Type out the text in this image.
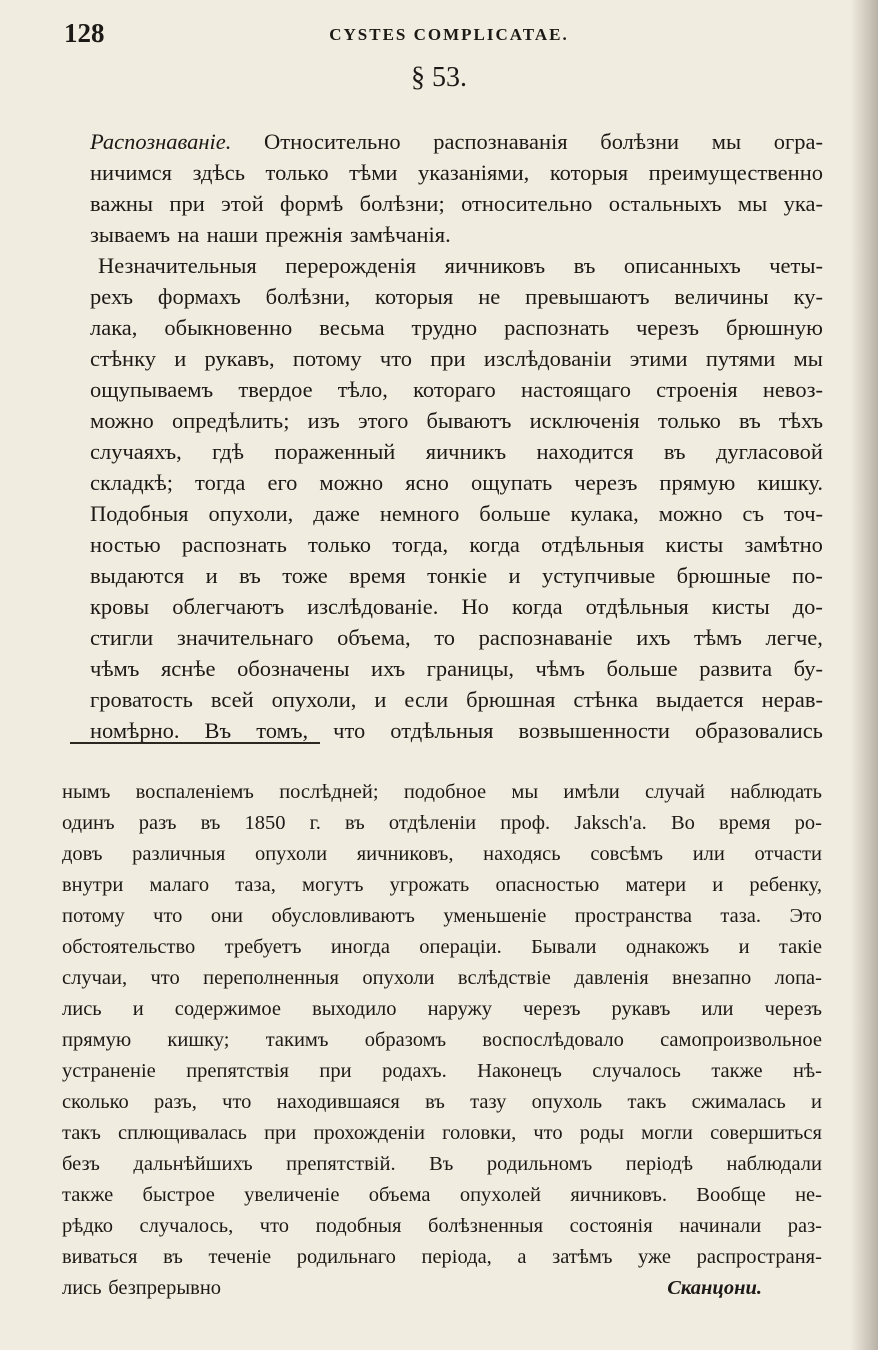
128	CYSTES COMPLICATAE.
§ 53.
Распознаваніе. Относительно распознаванія болѣзни мы огра-
ничимся здѣсь только тѣми указаніями, которыя преимущественно
важны при этой формѣ болѣзни; относительно остальныхъ мы ука-
зываемъ на наши прежнія замѣчанія.
Незначительныя перерожденія яичниковъ въ описанныхъ четы-
рехъ формахъ болѣзни, которыя не превышаютъ величины ку-
лака, обыкновенно весьма трудно распознать черезъ брюшную
стѣнку и рукавъ, потому что при изслѣдованіи этими путями мы
ощупываемъ твердое тѣло, котораго настоящаго строенія невоз-
можно опредѣлить; изъ этого бываютъ исключенія только въ тѣхъ
случаяхъ, гдѣ пораженный яичникъ находится въ дугласовой
складкѣ; тогда его можно ясно ощупать черезъ прямую кишку.
Подобныя опухоли, даже немного больше кулака, можно съ точ-
ностью распознать только тогда, когда отдѣльныя кисты замѣтно
выдаются и въ тоже время тонкіе и уступчивые брюшные по-
кровы облегчаютъ изслѣдованіе. Но когда отдѣльныя кисты до-
стигли значительнаго объема, то распознаваніе ихъ тѣмъ легче,
чѣмъ яснѣе обозначены ихъ границы, чѣмъ больше развита бу-
гроватость всей опухоли, и если брюшная стѣнка выдается нерав-
номѣрно. Въ томъ, что отдѣльныя возвышенности образовались
нымъ воспаленіемъ послѣдней; подобное мы имѣли случай наблюдать
одинъ разъ въ 1850 г. въ отдѣленіи проф. Jaksch'а. Во время ро-
довъ различныя опухоли яичниковъ, находясь совсѣмъ или отчасти
внутри малаго таза, могутъ угрожать опасностью матери и ребенку,
потому что они обусловливаютъ уменьшеніе пространства таза. Это
обстоятельство требуетъ иногда операціи. Бывали однакожъ и такіе
случаи, что переполненныя опухоли вслѣдствіе давленія внезапно лопа-
лись и содержимое выходило наружу черезъ рукавъ или черезъ
прямую кишку; такимъ образомъ воспослѣдовало самопроизвольное
устраненіе препятствія при родахъ. Наконецъ случалось также нѣ-
сколько разъ, что находившаяся въ тазу опухоль такъ сжималась и
такъ сплющивалась при прохожденіи головки, что роды могли совершиться
безъ дальнѣйшихъ препятствій. Въ родильномъ періодѣ наблюдали
также быстрое увеличеніе объема опухолей яичниковъ. Вообще не-
рѣдко случалось, что подобныя болѣзненныя состоянія начинали раз-
виваться въ теченіе родильнаго періода, а затѣмъ уже распространя-
лись безпрерывно	Сканцони.
